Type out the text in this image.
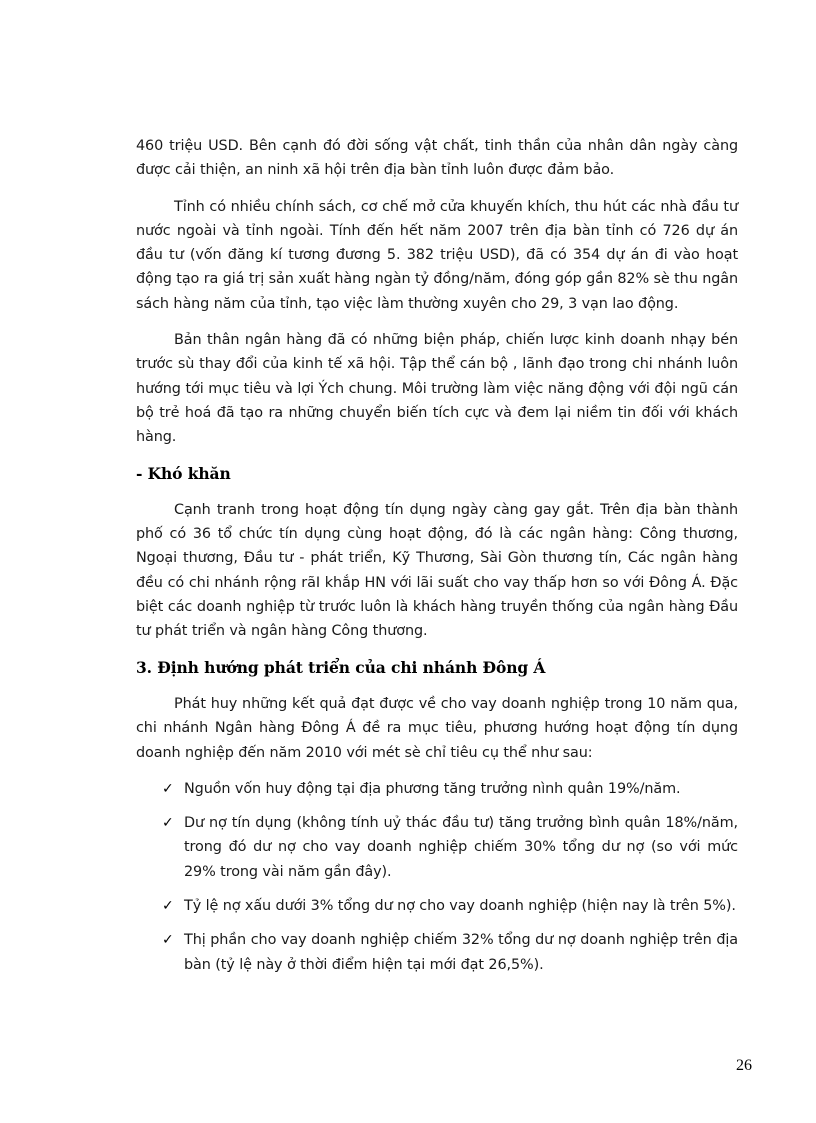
460 triệu USD. Bên cạnh đó đời sống vật chất, tinh thần của nhân dân ngày càng được cải thiện, an ninh xã hội trên địa bàn tỉnh luôn được đảm bảo.

Tỉnh có nhiều chính sách, cơ chế mở cửa khuyến khích, thu hút các nhà đầu tư nước ngoài và tỉnh ngoài. Tính đến hết năm 2007 trên địa bàn tỉnh có 726 dự án đầu tư (vốn đăng kí tương đương 5. 382 triệu USD), đã có 354 dự án đi vào hoạt động tạo ra giá trị sản xuất hàng ngàn tỷ đồng/năm, đóng góp gần 82% sè thu ngân sách hàng năm của tỉnh, tạo việc làm thường xuyên cho 29, 3 vạn lao động.

Bản thân ngân hàng đã có những biện pháp, chiến lược kinh doanh nhạy bén trước sù thay đổi của kinh tế xã hội. Tập thể cán bộ , lãnh đạo trong chi nhánh luôn hướng tới mục tiêu và lợi Ých chung. Môi trường làm việc năng động với đội ngũ cán bộ trẻ hoá đã tạo ra những chuyển biến tích cực và đem lại niềm tin đối với khách hàng.

- Khó khăn

Cạnh tranh trong hoạt động tín dụng ngày càng gay gắt. Trên địa bàn thành phố có 36 tổ chức tín dụng cùng hoạt động, đó là các ngân hàng: Công thương, Ngoại thương, Đầu tư - phát triển, Kỹ Thương, Sài Gòn thương tín, Các ngân hàng đều có chi nhánh rộng rãI khắp HN với lãi suất cho vay thấp hơn so với Đông Á. Đặc biệt các doanh nghiệp từ trước luôn là khách hàng truyền thống của ngân hàng Đầu tư phát triển và ngân hàng Công thương.

3. Định hướng phát triển của chi nhánh Đông Á

Phát huy những kết quả đạt được về cho vay doanh nghiệp trong 10 năm qua, chi nhánh Ngân hàng Đông Á đề ra mục tiêu, phương hướng hoạt động tín dụng doanh nghiệp đến năm 2010 với mét sè chỉ tiêu cụ thể như sau:

✓ Nguồn vốn huy động tại địa phương tăng trưởng nình quân 19%/năm.
✓ Dư nợ tín dụng (không tính uỷ thác đầu tư) tăng trưởng bình quân 18%/năm, trong đó dư nợ cho vay doanh nghiệp chiếm 30% tổng dư nợ (so với mức 29% trong vài năm gần đây).
✓ Tỷ lệ nợ xấu dưới 3% tổng dư nợ cho vay doanh nghiệp (hiện nay là trên 5%).
✓ Thị phần cho vay doanh nghiệp chiếm 32% tổng dư nợ doanh nghiệp trên địa bàn (tỷ lệ này ở thời điểm hiện tại mới đạt 26,5%).
26
